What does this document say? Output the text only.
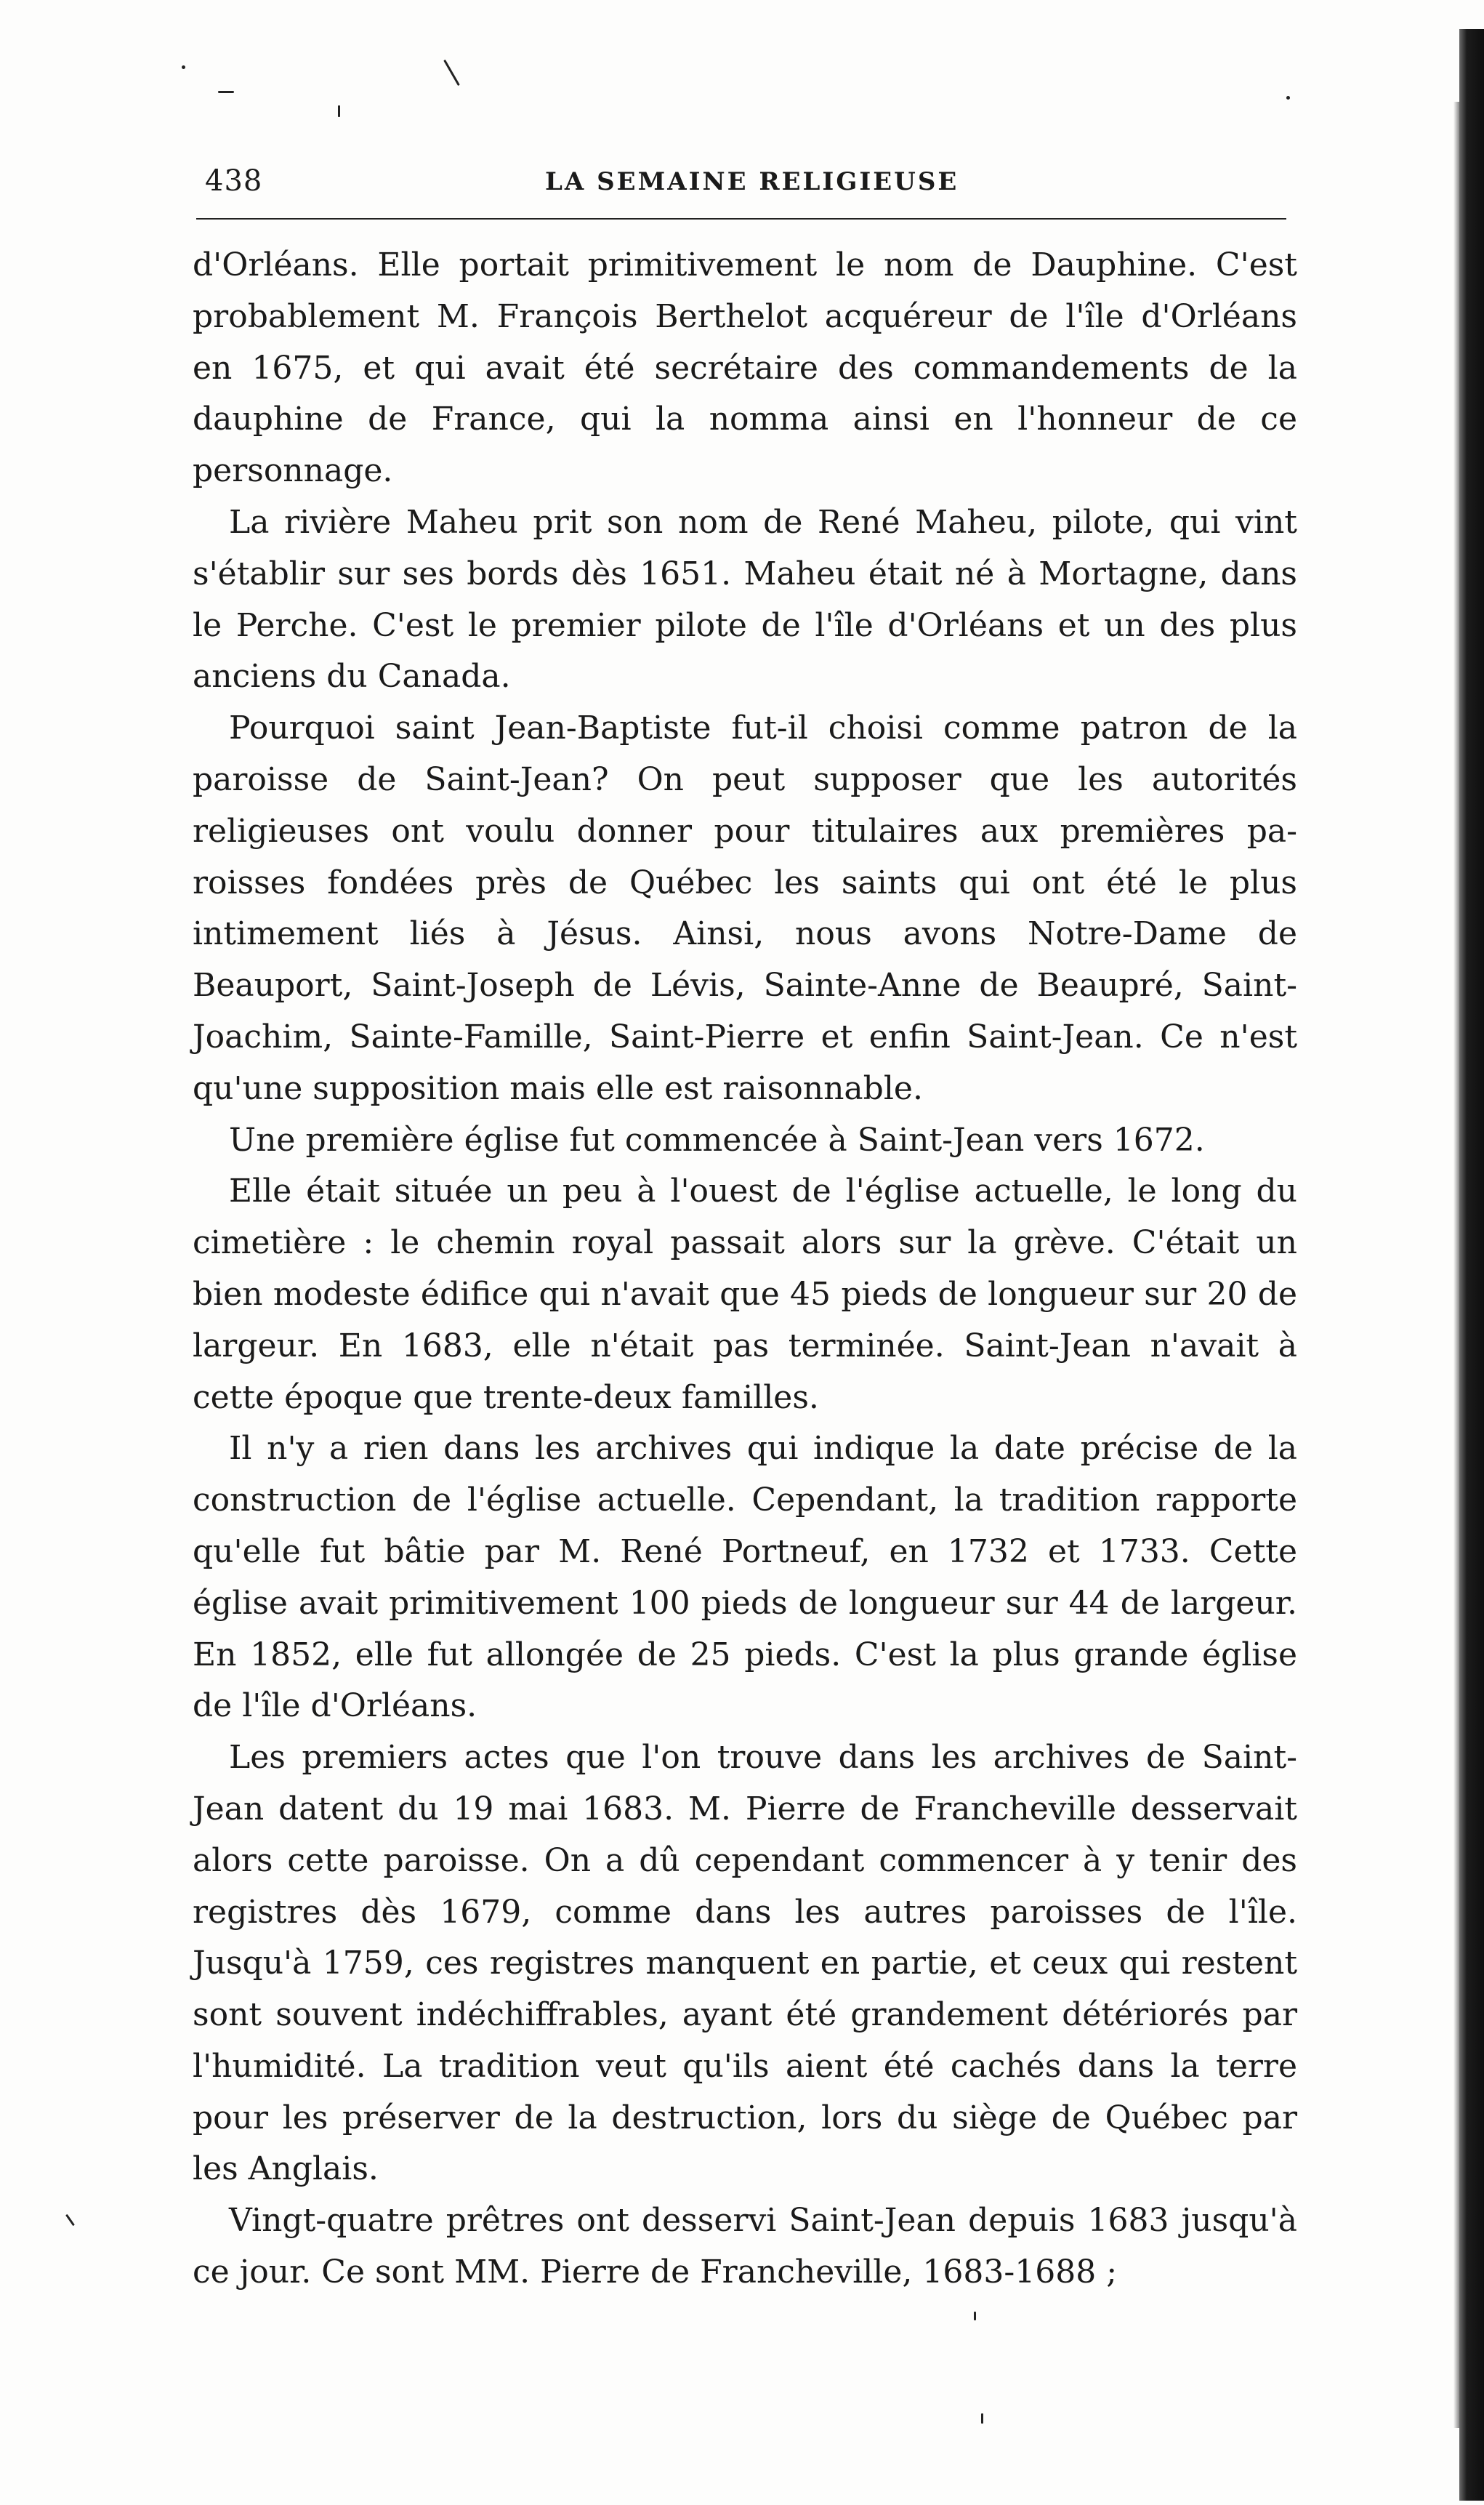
438	LA SEMAINE RELIGIEUSE

d'Orléans. Elle portait primitivement le nom de Dauphine. C'est probablement M. François Berthelot acquéreur de l'île d'Orléans en 1675, et qui avait été secrétaire des commandements de la dauphine de France, qui la nomma ainsi en l'honneur de ce personnage.

La rivière Maheu prit son nom de René Maheu, pilote, qui vint s'établir sur ses bords dès 1651. Maheu était né à Mortagne, dans le Perche. C'est le premier pilote de l'île d'Orléans et un des plus anciens du Canada.

Pourquoi saint Jean-Baptiste fut-il choisi comme patron de la paroisse de Saint-Jean? On peut supposer que les autorités religieuses ont voulu donner pour titulaires aux premières paroisses fondées près de Québec les saints qui ont été le plus intimement liés à Jésus. Ainsi, nous avons Notre-Dame de Beauport, Saint-Joseph de Lévis, Sainte-Anne de Beaupré, Saint-Joachim, Sainte-Famille, Saint-Pierre et enfin Saint-Jean. Ce n'est qu'une supposition mais elle est raisonnable.

Une première église fut commencée à Saint-Jean vers 1672.

Elle était située un peu à l'ouest de l'église actuelle, le long du cimetière : le chemin royal passait alors sur la grève. C'était un bien modeste édifice qui n'avait que 45 pieds de longueur sur 20 de largeur. En 1683, elle n'était pas terminée. Saint-Jean n'avait à cette époque que trente-deux familles.

Il n'y a rien dans les archives qui indique la date précise de la construction de l'église actuelle. Cependant, la tradition rapporte qu'elle fut bâtie par M. René Portneuf, en 1732 et 1733. Cette église avait primitivement 100 pieds de longueur sur 44 de largeur. En 1852, elle fut allongée de 25 pieds. C'est la plus grande église de l'île d'Orléans.

Les premiers actes que l'on trouve dans les archives de Saint-Jean datent du 19 mai 1683. M. Pierre de Francheville desservait alors cette paroisse. On a dû cependant commencer à y tenir des registres dès 1679, comme dans les autres paroisses de l'île. Jusqu'à 1759, ces registres manquent en partie, et ceux qui restent sont souvent indéchiffrables, ayant été grandement détériorés par l'humidité. La tradition veut qu'ils aient été cachés dans la terre pour les préserver de la destruction, lors du siège de Québec par les Anglais.

Vingt-quatre prêtres ont desservi Saint-Jean depuis 1683 jusqu'à ce jour. Ce sont MM. Pierre de Francheville, 1683-1688 ;
